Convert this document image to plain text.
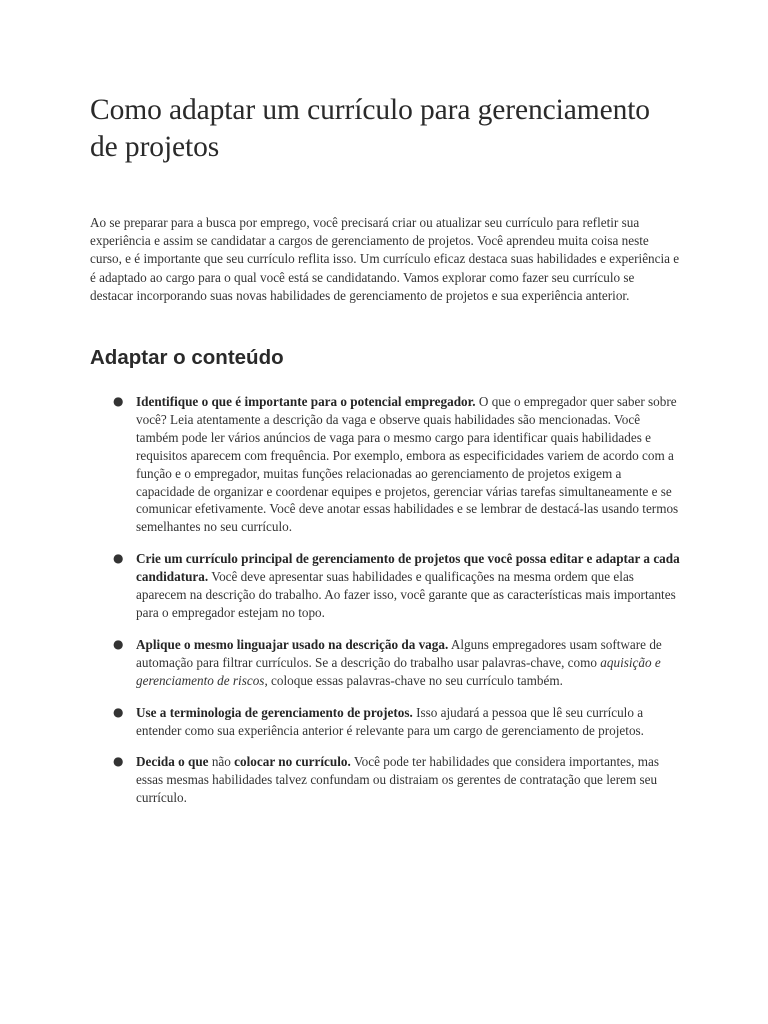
Como adaptar um currículo para gerenciamento de projetos

Ao se preparar para a busca por emprego, você precisará criar ou atualizar seu currículo para refletir sua experiência e assim se candidatar a cargos de gerenciamento de projetos. Você aprendeu muita coisa neste curso, e é importante que seu currículo reflita isso. Um currículo eficaz destaca suas habilidades e experiência e é adaptado ao cargo para o qual você está se candidatando. Vamos explorar como fazer seu currículo se destacar incorporando suas novas habilidades de gerenciamento de projetos e sua experiência anterior.

Adaptar o conteúdo
● Identifique o que é importante para o potencial empregador. O que o empregador quer saber sobre você? Leia atentamente a descrição da vaga e observe quais habilidades são mencionadas. Você também pode ler vários anúncios de vaga para o mesmo cargo para identificar quais habilidades e requisitos aparecem com frequência. Por exemplo, embora as especificidades variem de acordo com a função e o empregador, muitas funções relacionadas ao gerenciamento de projetos exigem a capacidade de organizar e coordenar equipes e projetos, gerenciar várias tarefas simultaneamente e se comunicar efetivamente. Você deve anotar essas habilidades e se lembrar de destacá-las usando termos semelhantes no seu currículo.
● Crie um currículo principal de gerenciamento de projetos que você possa editar e adaptar a cada candidatura. Você deve apresentar suas habilidades e qualificações na mesma ordem que elas aparecem na descrição do trabalho. Ao fazer isso, você garante que as características mais importantes para o empregador estejam no topo.
● Aplique o mesmo linguajar usado na descrição da vaga. Alguns empregadores usam software de automação para filtrar currículos. Se a descrição do trabalho usar palavras-chave, como aquisição e gerenciamento de riscos, coloque essas palavras-chave no seu currículo também.
● Use a terminologia de gerenciamento de projetos. Isso ajudará a pessoa que lê seu currículo a entender como sua experiência anterior é relevante para um cargo de gerenciamento de projetos.
● Decida o que não colocar no currículo. Você pode ter habilidades que considera importantes, mas essas mesmas habilidades talvez confundam ou distraiam os gerentes de contratação que lerem seu currículo.
